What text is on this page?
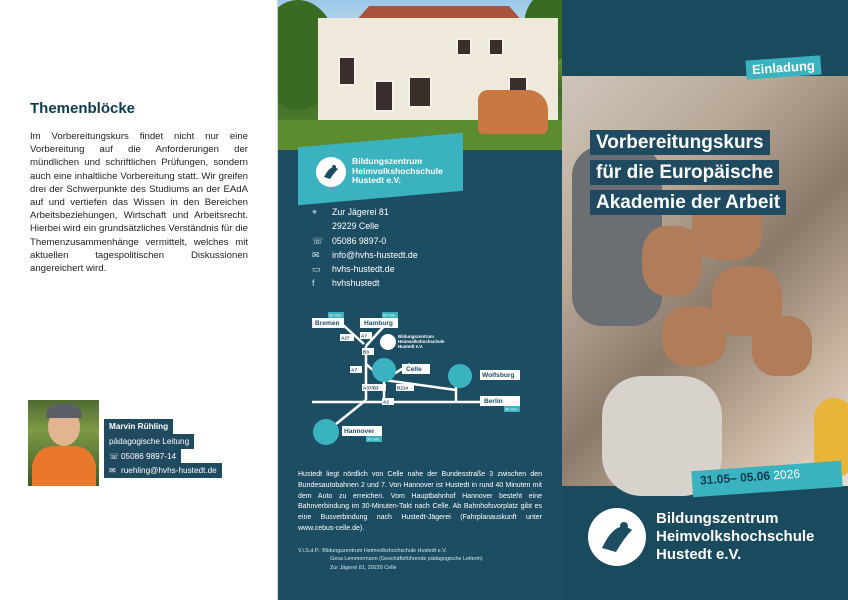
Themenblöcke
Im Vorbereitungskurs findet nicht nur eine Vorbereitung auf die Anforderungen der mündlichen und schriftlichen Prüfungen, sondern auch eine inhaltliche Vorbereitung statt. Wir greifen drei der Schwerpunkte des Studiums an der EAdA auf und vertiefen das Wissen in den Bereichen Arbeitsbeziehungen, Wirtschaft und Arbeitsrecht. Hierbei wird ein grundsätzliches Verständnis für die Themenzusammenhänge vermittelt, welches mit aktuellen tagespolitischen Diskussionen angereichert wird.
Marvin Rühling
pädagogische Leitung
☏ 05086 9897-14
✉ ruehling@hvhs-hustedt.de
Bildungszentrum
Heimvolkshochschule
Hustedt e.V.
⌖ Zur Jägerei 81
29229 Celle
☏ 05086 9897-0
✉ info@hvhs-hustedt.de
▭ hvhs-hustedt.de
f hvhshustedt
Bremen	Hamburg
Celle
Wolfsburg
Berlin
Hannover
60 min	60 min
90 min
30 min
A27	A7
B3
A7
A37/B3	B214
A2
Bildungszentrum
Heimvolkshochschule
Hustedt e.V.
Hustedt liegt nördlich von Celle nahe der Bundesstraße 3 zwischen den Bundesautobahnen 2 und 7. Von Hannover ist Hustedt in rund 40 Minuten mit dem Auto zu erreichen. Vom Hauptbahnhof Hannover besteht eine Bahnverbindung im 30-Minuten-Takt nach Celle. Ab Bahnhofsvorplatz gibt es eine Busverbindung nach Hustedt-Jägerei (Fahrplanauskunft unter www.cebus-celle.de).
V.i.S.d.P.: Bildungszentrum Heimvolkshochschule Hustedt e.V.
Gesa Lemmermann (Geschäftsführende pädagogische Leiterin)
Zur Jägerei 81, 29229 Celle
Einladung
Vorbereitungskurs
für die Europäische
Akademie der Arbeit
31.05– 05.06 2026
Bildungszentrum
Heimvolkshochschule
Hustedt e.V.
